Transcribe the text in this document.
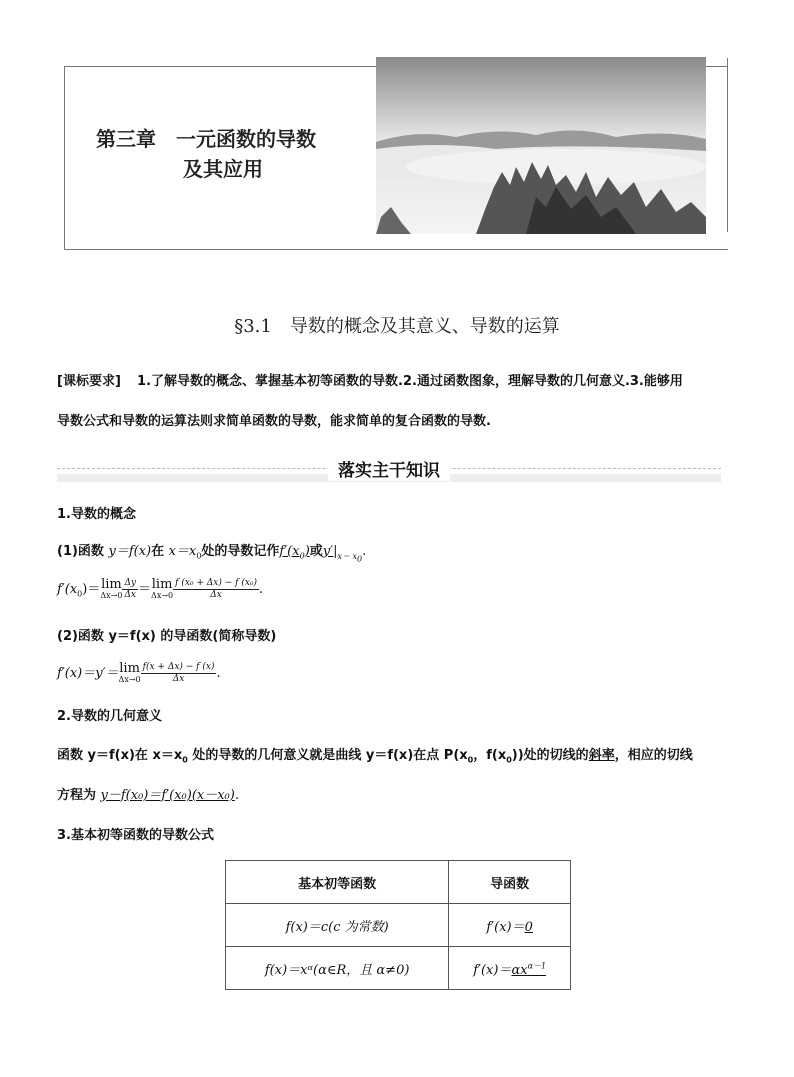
第三章　一元函数的导数
及其应用
§3.1　导数的概念及其意义、导数的运算
[课标要求] 1.了解导数的概念、掌握基本初等函数的导数.2.通过函数图象，理解导数的几何意义.3.能够用
导数公式和导数的运算法则求简单函数的导数，能求简单的复合函数的导数.
落实主干知识
1.导数的概念
(1)函数 y＝f(x)在 $x=x_0$处的导数记作$f'(x_0)$或$y'|_{x= x_0}$.
$f'(x_0)=\lim$
$\Delta x\to 0 \frac{\Delta y}{\Delta x} =\lim$
$\Delta x\to 0 \frac{\text{f (x₀ + Δx) − f (x₀)}}{\Delta x}$ .
(2)函数 y＝f(x) 的导函数(简称导数)
f′(x)＝y′＝lim
$\Delta x\to 0 \frac{f(x + \Delta x) - f (x)}{\Delta x}$ .
2.导数的几何意义
函数 y＝f(x)在 $x=x_0$ 处的导数的几何意义就是曲线 y＝f(x)在点 $P(x_0$，$f(x_0)$)处的切线的斜率，相应的切线
方程为 y－f(x₀)＝f′(x₀)(x－x₀).
3.基本初等函数的导数公式
基本初等函数	导函数
f(x)＝c(c 为常数)	f′(x)＝0
f(x)＝xᵅ(α∈R，且 α≠0)	$f'(x)=\alpha x^{\alpha-1}$
